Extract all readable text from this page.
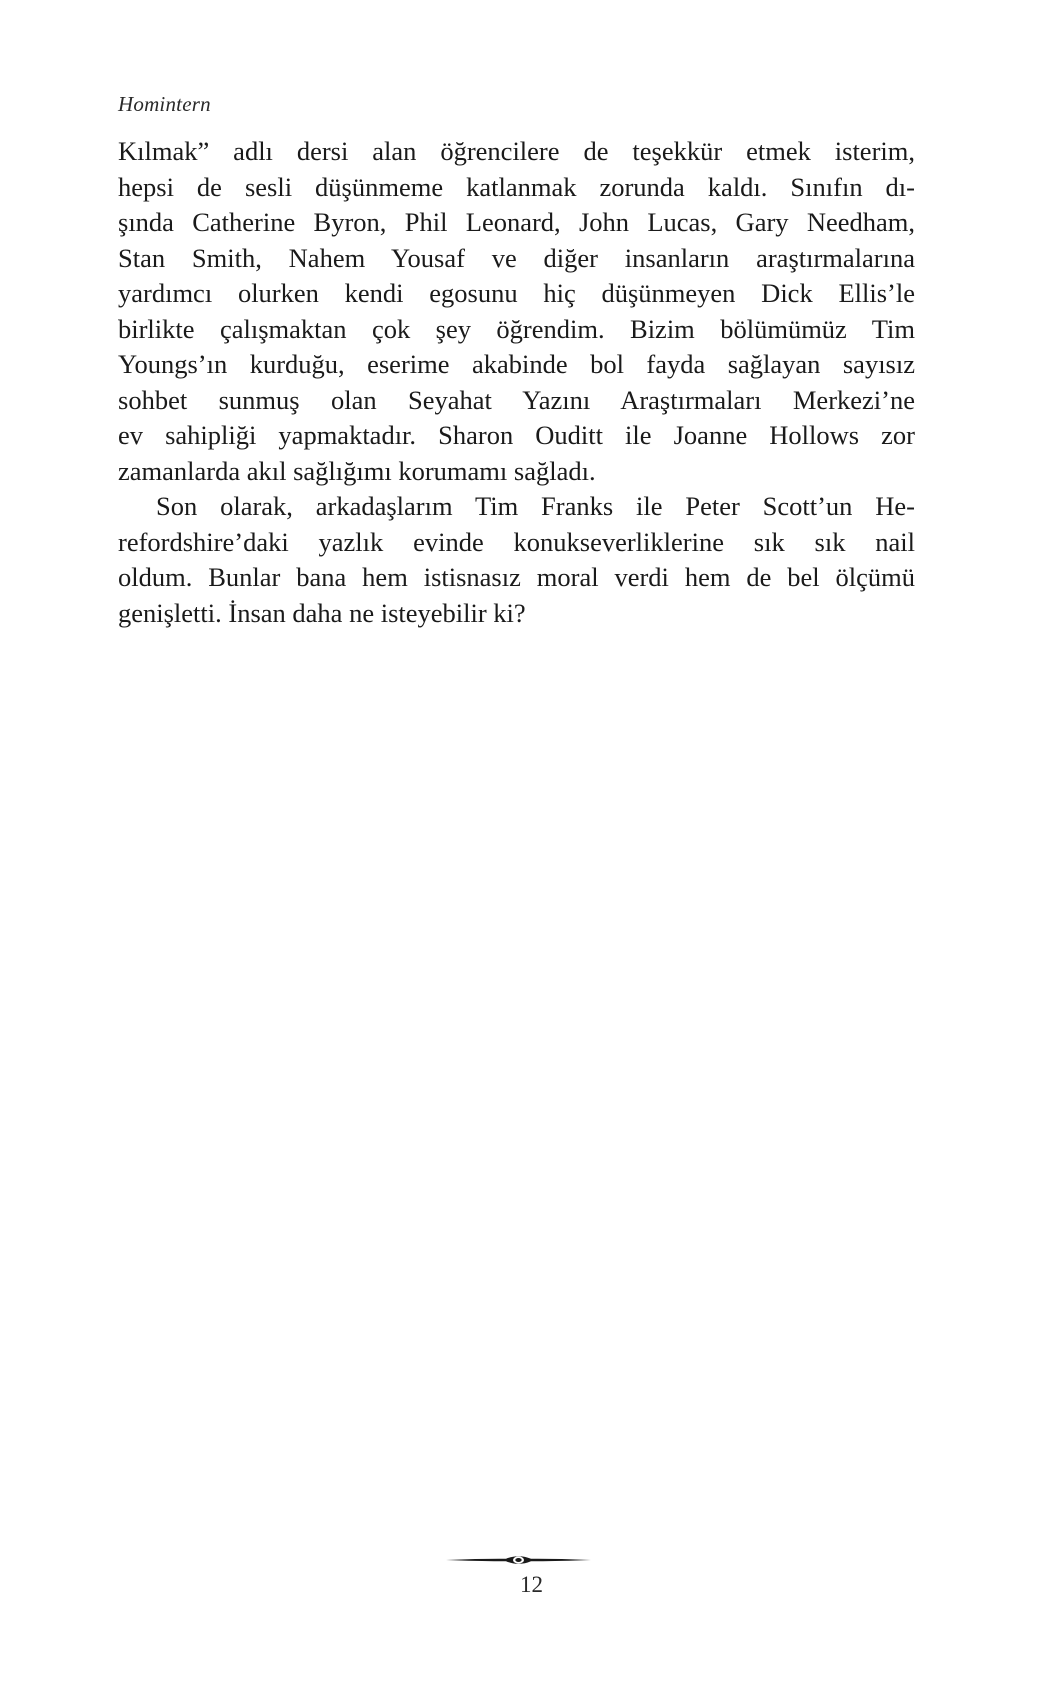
Homintern
Kılmak” adlı dersi alan öğrencilere de teşekkür etmek isterim,
hepsi de sesli düşünmeme katlanmak zorunda kaldı. Sınıfın dı-
şında Catherine Byron, Phil Leonard, John Lucas, Gary Needham,
Stan Smith, Nahem Yousaf ve diğer insanların araştırmalarına
yardımcı olurken kendi egosunu hiç düşünmeyen Dick Ellis’le
birlikte çalışmaktan çok şey öğrendim. Bizim bölümümüz Tim
Youngs’ın kurduğu, eserime akabinde bol fayda sağlayan sayısız
sohbet sunmuş olan Seyahat Yazını Araştırmaları Merkezi’ne
ev sahipliği yapmaktadır. Sharon Ouditt ile Joanne Hollows zor
zamanlarda akıl sağlığımı korumamı sağladı.
Son olarak, arkadaşlarım Tim Franks ile Peter Scott’un He-
refordshire’daki yazlık evinde konukseverliklerine sık sık nail
oldum. Bunlar bana hem istisnasız moral verdi hem de bel ölçümü
genişletti. İnsan daha ne isteyebilir ki?
12
